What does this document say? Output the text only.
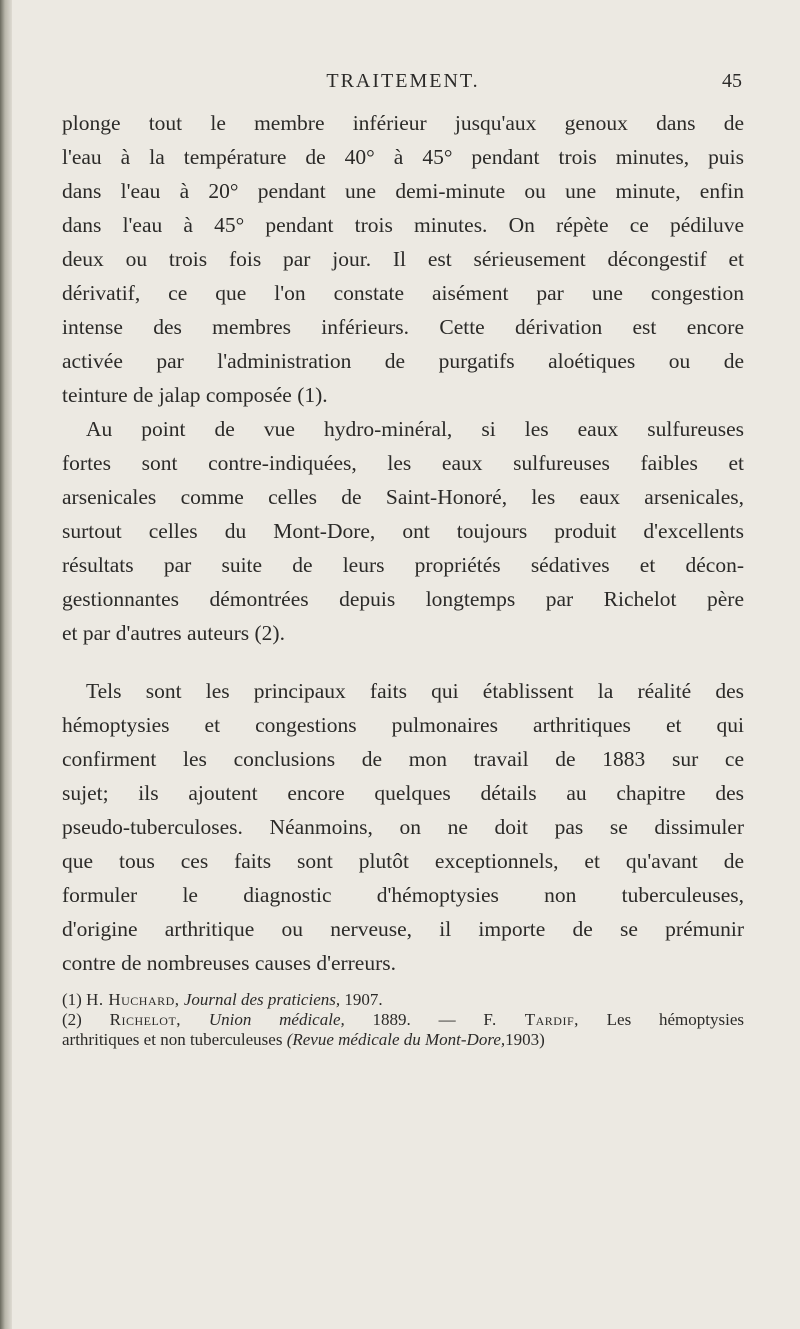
TRAITEMENT.	45

plonge tout le membre inférieur jusqu'aux genoux dans de
l'eau à la température de 40° à 45° pendant trois minutes, puis
dans l'eau à 20° pendant une demi-minute ou une minute, enfin
dans l'eau à 45° pendant trois minutes. On répète ce pédiluve
deux ou trois fois par jour. Il est sérieusement décongestif et
dérivatif, ce que l'on constate aisément par une congestion
intense des membres inférieurs. Cette dérivation est encore
activée par l'administration de purgatifs aloétiques ou de
teinture de jalap composée (1).

Au point de vue hydro-minéral, si les eaux sulfureuses
fortes sont contre-indiquées, les eaux sulfureuses faibles et
arsenicales comme celles de Saint-Honoré, les eaux arsenicales,
surtout celles du Mont-Dore, ont toujours produit d'excellents
résultats par suite de leurs propriétés sédatives et décon-
gestionnantes démontrées depuis longtemps par Richelot père
et par d'autres auteurs (2).

Tels sont les principaux faits qui établissent la réalité des
hémoptysies et congestions pulmonaires arthritiques et qui
confirment les conclusions de mon travail de 1883 sur ce
sujet; ils ajoutent encore quelques détails au chapitre des
pseudo-tuberculoses. Néanmoins, on ne doit pas se dissimuler
que tous ces faits sont plutôt exceptionnels, et qu'avant de
formuler le diagnostic d'hémoptysies non tuberculeuses,
d'origine arthritique ou nerveuse, il importe de se prémunir
contre de nombreuses causes d'erreurs.

(1) H. Huchard, Journal des praticiens, 1907.
(2) Richelot, Union médicale, 1889. — F. Tardif, Les hémoptysies
arthritiques et non tuberculeuses (Revue médicale du Mont-Dore,1903)
